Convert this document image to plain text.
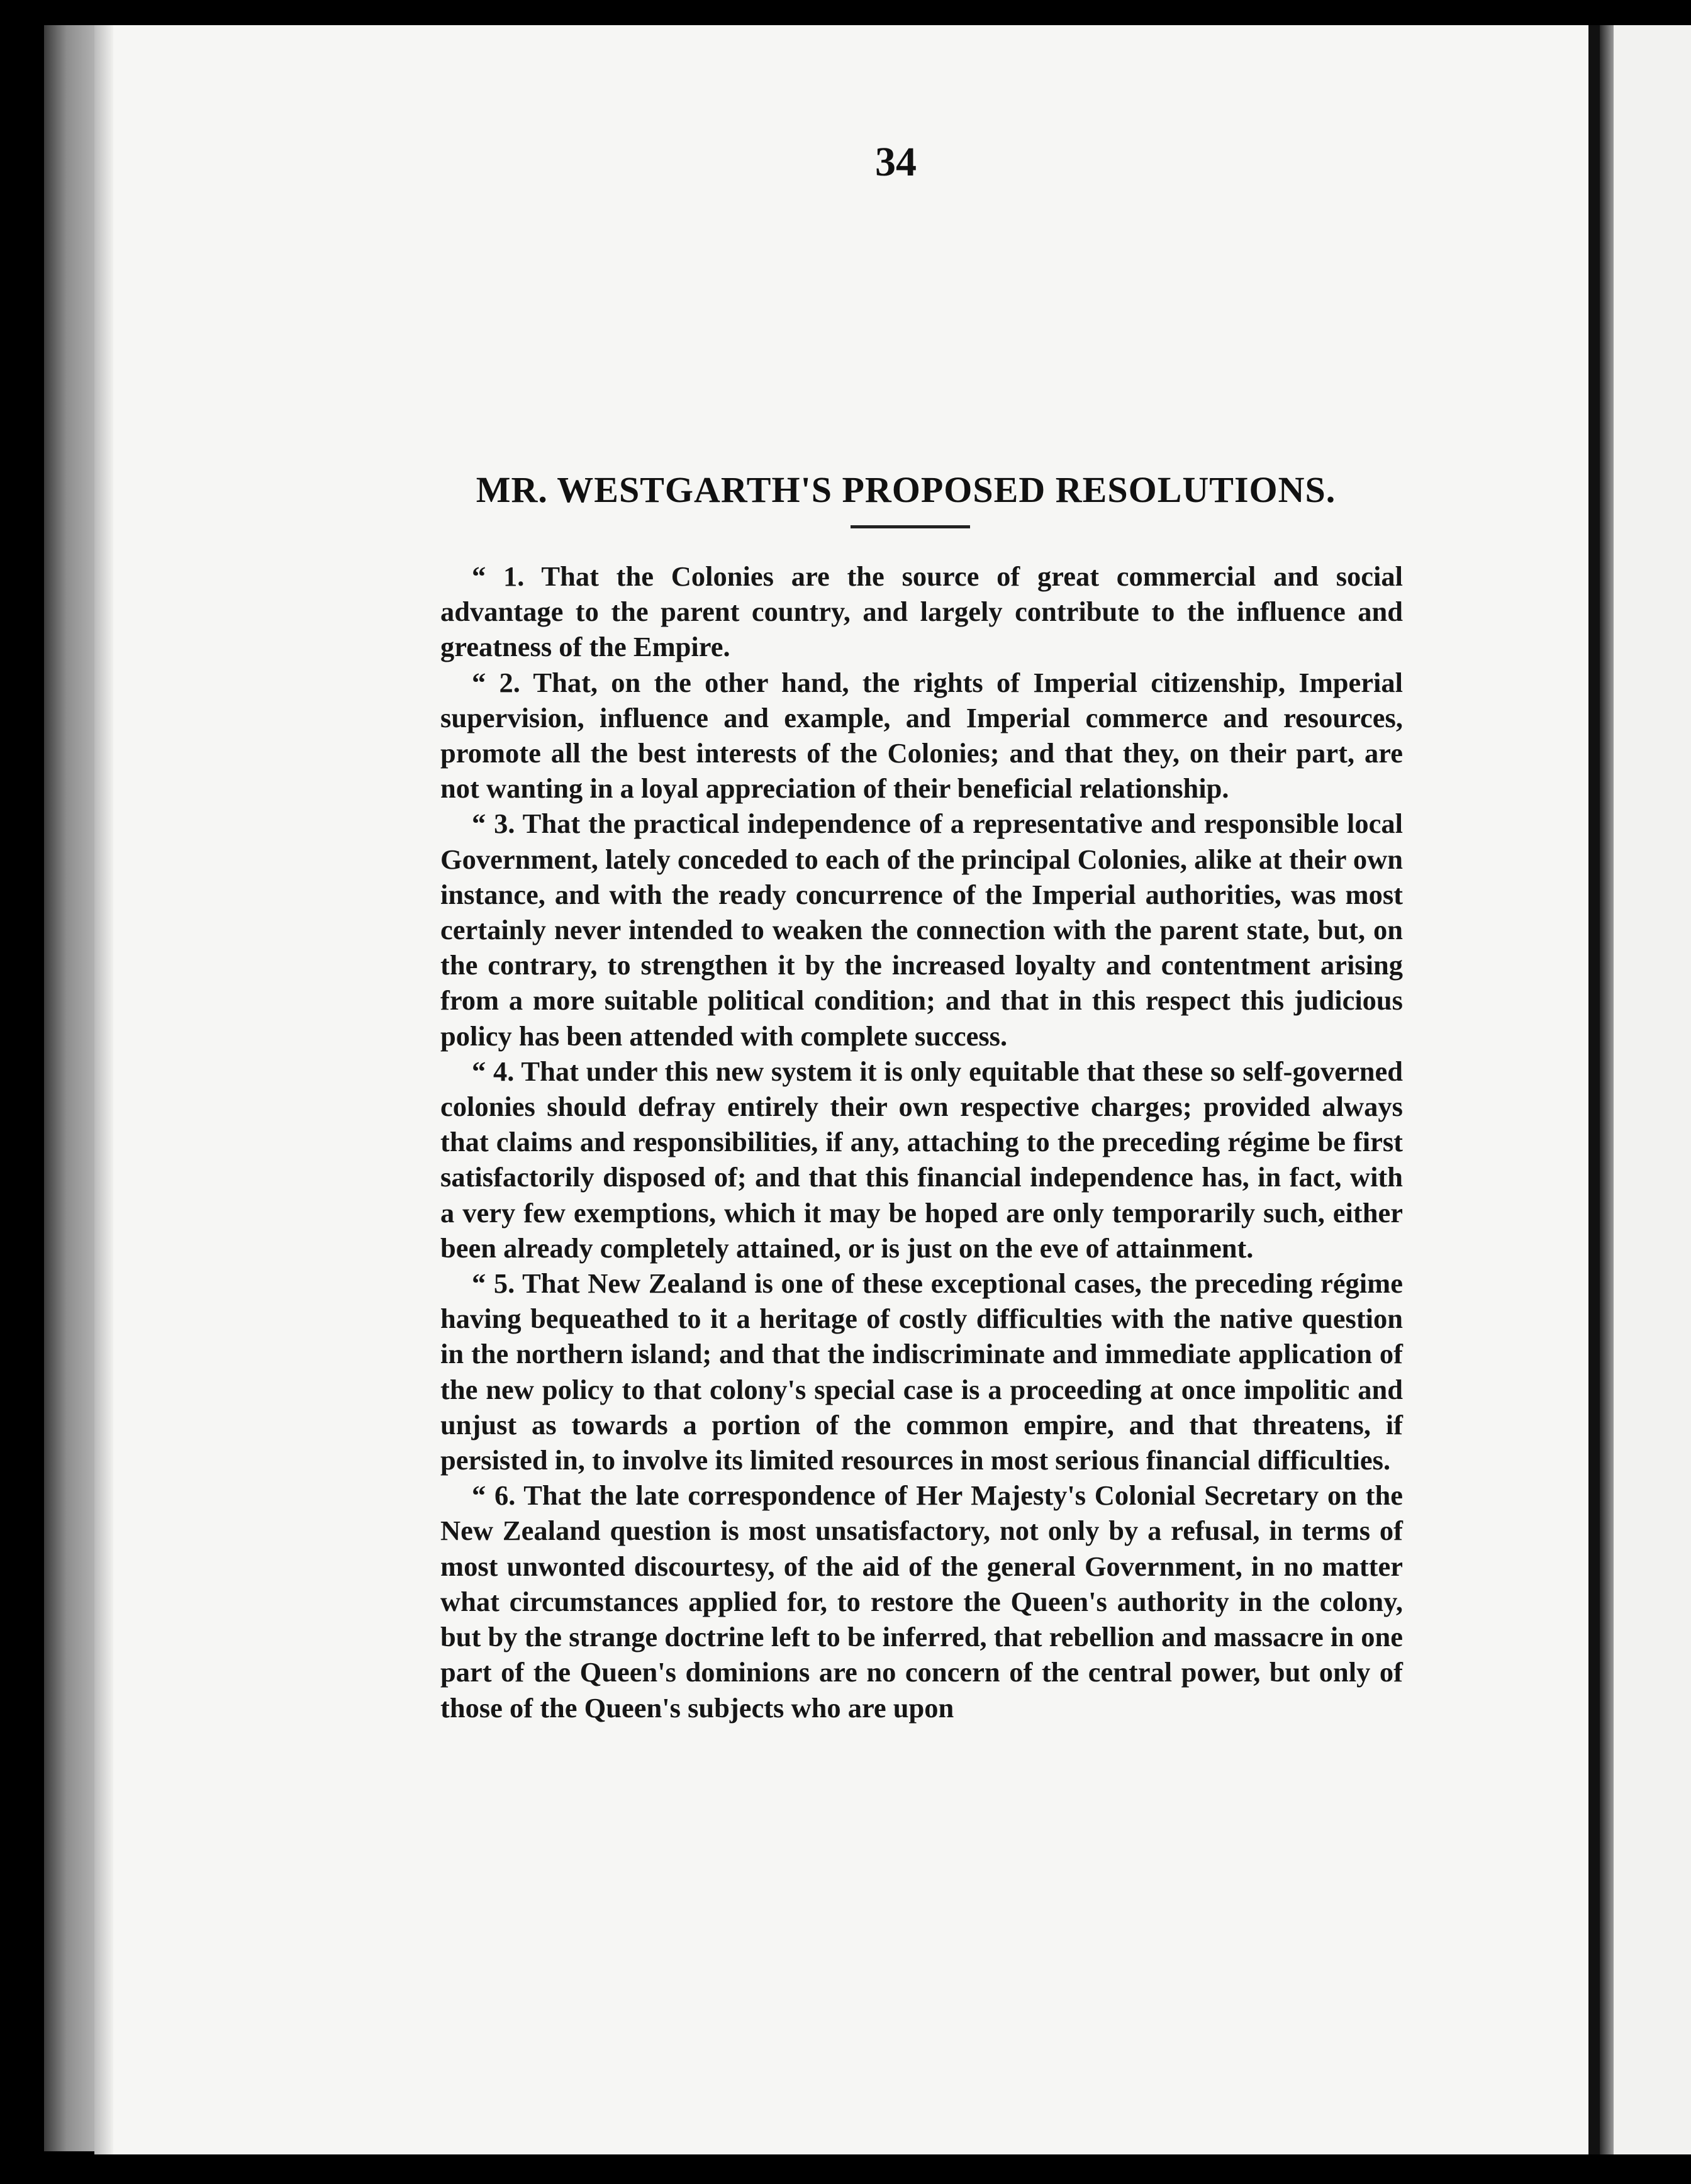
34
MR. WESTGARTH'S PROPOSED RESOLUTIONS.

“ 1. That the Colonies are the source of great commercial and social advantage to the parent country, and largely contribute to the influence and greatness of the Empire.

“ 2. That, on the other hand, the rights of Imperial citizenship, Imperial supervision, influence and example, and Imperial commerce and resources, promote all the best interests of the Colonies; and that they, on their part, are not wanting in a loyal appreciation of their beneficial relationship.

“ 3. That the practical independence of a representative and responsible local Government, lately conceded to each of the principal Colonies, alike at their own instance, and with the ready concurrence of the Imperial authorities, was most certainly never intended to weaken the connection with the parent state, but, on the contrary, to strengthen it by the increased loyalty and contentment arising from a more suitable political condition; and that in this respect this judicious policy has been attended with complete success.

“ 4. That under this new system it is only equitable that these so self-governed colonies should defray entirely their own respective charges; provided always that claims and responsibilities, if any, attaching to the preceding régime be first satisfactorily disposed of; and that this financial independence has, in fact, with a very few exemptions, which it may be hoped are only temporarily such, either been already completely attained, or is just on the eve of attainment.

“ 5. That New Zealand is one of these exceptional cases, the preceding régime having bequeathed to it a heritage of costly difficulties with the native question in the northern island; and that the indiscriminate and immediate application of the new policy to that colony's special case is a proceeding at once impolitic and unjust as towards a portion of the common empire, and that threatens, if persisted in, to involve its limited resources in most serious financial difficulties.

“ 6. That the late correspondence of Her Majesty's Colonial Secretary on the New Zealand question is most unsatisfactory, not only by a refusal, in terms of most unwonted discourtesy, of the aid of the general Government, in no matter what circumstances applied for, to restore the Queen's authority in the colony, but by the strange doctrine left to be inferred, that rebellion and massacre in one part of the Queen's dominions are no concern of the central power, but only of those of the Queen's subjects who are upon
